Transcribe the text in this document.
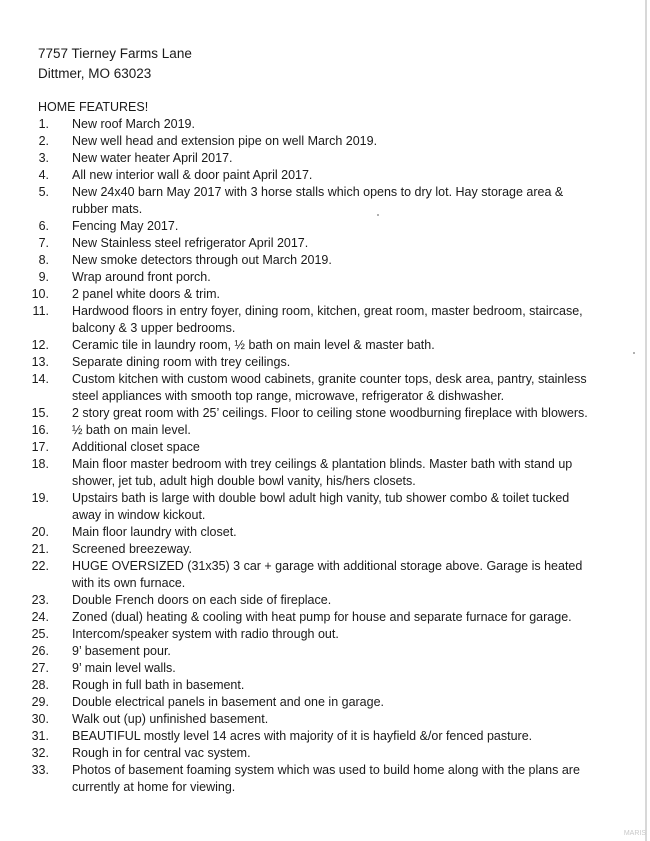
7757 Tierney Farms Lane
Dittmer, MO 63023
HOME FEATURES!
1.	New roof March 2019.
2.	New well head and extension pipe on well March 2019.
3.	New water heater April 2017.
4.	All new interior wall & door paint April 2017.
5.	New 24x40 barn May 2017 with 3 horse stalls which opens to dry lot. Hay storage area & rubber mats.
6.	Fencing May 2017.
7.	New Stainless steel refrigerator April 2017.
8.	New smoke detectors through out March 2019.
9.	Wrap around front porch.
10.	2 panel white doors & trim.
11.	Hardwood floors in entry foyer, dining room, kitchen, great room, master bedroom, staircase, balcony & 3 upper bedrooms.
12.	Ceramic tile in laundry room, ½ bath on main level & master bath.
13.	Separate dining room with trey ceilings.
14.	Custom kitchen with custom wood cabinets, granite counter tops, desk area, pantry, stainless steel appliances with smooth top range, microwave, refrigerator & dishwasher.
15.	2 story great room with 25’ ceilings. Floor to ceiling stone woodburning fireplace with blowers.
16.	½ bath on main level.
17.	Additional closet space
18.	Main floor master bedroom with trey ceilings & plantation blinds. Master bath with stand up shower, jet tub, adult high double bowl vanity, his/hers closets.
19.	Upstairs bath is large with double bowl adult high vanity, tub shower combo & toilet tucked away in window kickout.
20.	Main floor laundry with closet.
21.	Screened breezeway.
22.	HUGE OVERSIZED (31x35) 3 car + garage with additional storage above. Garage is heated with its own furnace.
23.	Double French doors on each side of fireplace.
24.	Zoned (dual) heating & cooling with heat pump for house and separate furnace for garage.
25.	Intercom/speaker system with radio through out.
26.	9’ basement pour.
27.	9’ main level walls.
28.	Rough in full bath in basement.
29.	Double electrical panels in basement and one in garage.
30.	Walk out (up) unfinished basement.
31.	BEAUTIFUL mostly level 14 acres with majority of it is hayfield &/or fenced pasture.
32.	Rough in for central vac system.
33.	Photos of basement foaming system which was used to build home along with the plans are currently at home for viewing.
MARIS
